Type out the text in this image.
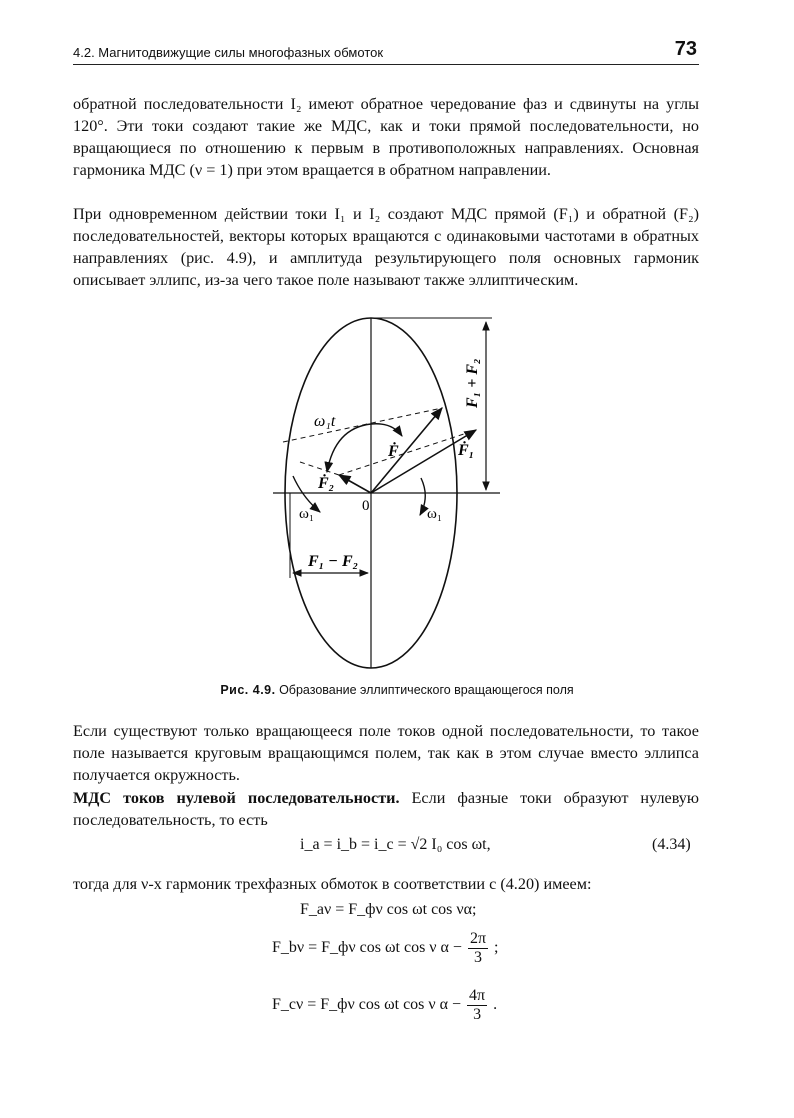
4.2. Магнитодвижущие силы многофазных обмоток	73

обратной последовательности I₂ имеют обратное чередование фаз и сдвинуты на углы 120°. Эти токи создают такие же МДС, как и токи прямой последовательности, но вращающиеся по отношению к первым в противоположных направлениях. Основная гармоника МДС (ν = 1) при этом вращается в обратном направлении.

При одновременном действии токи I₁ и I₂ создают МДС прямой (F₁) и обратной (F₂) последовательностей, векторы которых вращаются с одинаковыми частотами в обратных направлениях (рис. 4.9), и амплитуда результирующего поля основных гармоник описывает эллипс, из-за чего такое поле называют также эллиптическим.

ω₁t
Ḟ	Ḟ₁
Ḟ₂
0
ω₁	ω₁
F₁ − F₂
F₁ + F₂
Рис. 4.9. Образование эллиптического вращающегося поля

Если существуют только вращающееся поле токов одной последовательности, то такое поле называется круговым вращающимся полем, так как в этом случае вместо эллипса получается окружность.

МДС токов нулевой последовательности. Если фазные токи образуют нулевую последовательность, то есть

i_a = i_b = i_c = √2 I₀ cos ωt,	(4.34)

тогда для ν-х гармоник трехфазных обмоток в соответствии с (4.20) имеем:

F_aν = F_фν cos ωt cos να;
F_bν = F_фν cos ωt cos ν $\alpha - \frac{2\pi}{3}$ ;
F_cν = F_фν cos ωt cos ν $\alpha - \frac{4\pi}{3}$ .
